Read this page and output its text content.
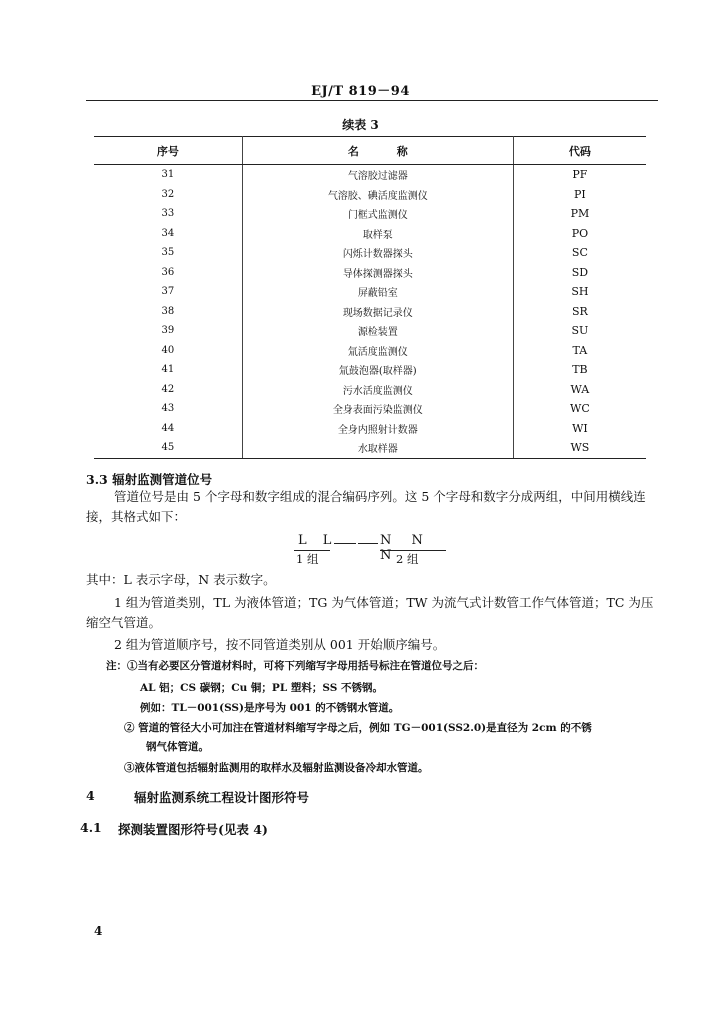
EJ/T 819－94
续表 3
序号	名 称	代码
31	气溶胶过滤器	PF
32	气溶胶、碘活度监测仪	PI
33	门框式监测仪	PM
34	取样泵	PO
35	闪烁计数器探头	SC
36	导体探测器探头	SD
37	屏蔽铅室	SH
38	现场数据记录仪	SR
39	源检装置	SU
40	氚活度监测仪	TA
41	氚鼓泡器(取样器)	TB
42	污水活度监测仪	WA
43	全身表面污染监测仪	WC
44	全身内照射计数器	WI
45	水取样器	WS
3.3 辐射监测管道位号
管道位号是由 5 个字母和数字组成的混合编码序列。这 5 个字母和数字分成两组，中间用横线连接，其格式如下：
L L	N N N
1 组	2 组
其中：L 表示字母，N 表示数字。
1 组为管道类别，TL 为液体管道；TG 为气体管道；TW 为流气式计数管工作气体管道；TC 为压缩空气管道。
2 组为管道顺序号，按不同管道类别从 001 开始顺序编号。
注：①当有必要区分管道材料时，可将下列缩写字母用括号标注在管道位号之后：
AL 铝；CS 碳钢；Cu 铜；PL 塑料；SS 不锈钢。
例如：TL－001(SS)是序号为 001 的不锈钢水管道。
② 管道的管径大小可加注在管道材料缩写字母之后，例如 TG－001(SS2.0)是直径为 2cm 的不锈
钢气体管道。
③液体管道包括辐射监测用的取样水及辐射监测设备冷却水管道。
4	辐射监测系统工程设计图形符号
4.1 探测装置图形符号(见表 4)
4
